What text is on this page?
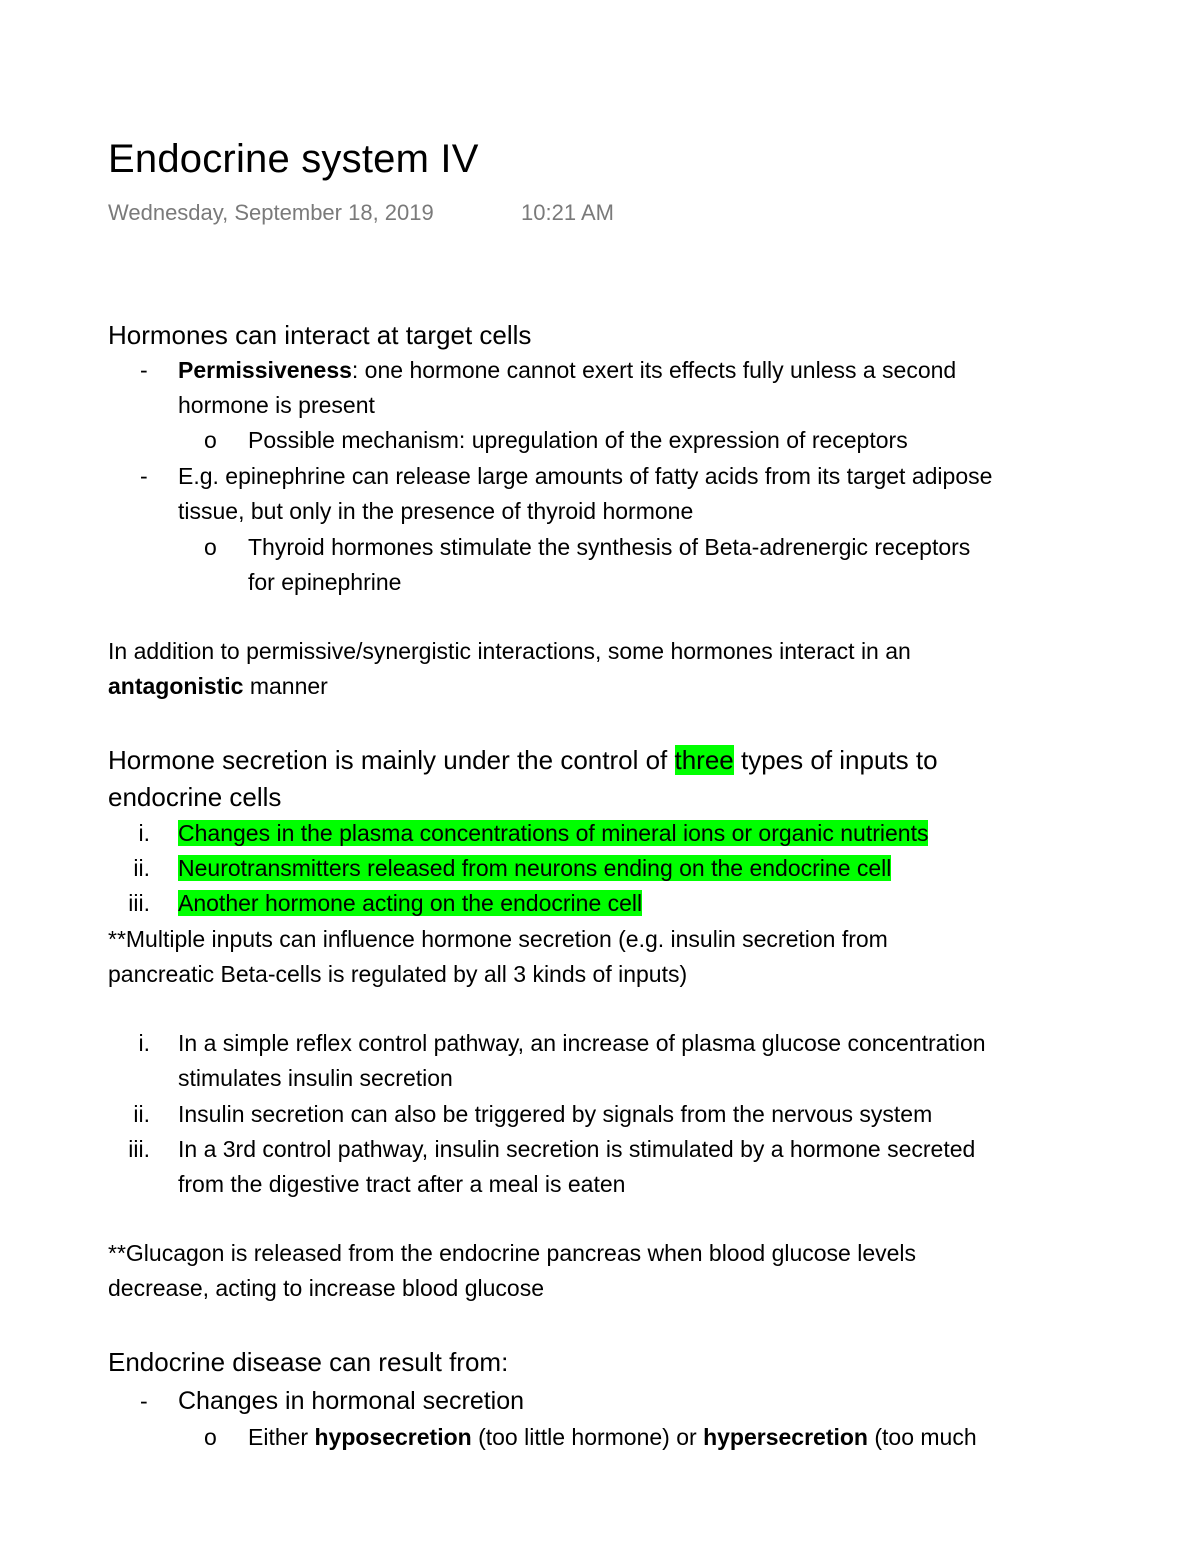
Endocrine system IV
Wednesday, September 18, 2019	10:21 AM
Hormones can interact at target cells
- Permissiveness: one hormone cannot exert its effects fully unless a second
hormone is present
o Possible mechanism: upregulation of the expression of receptors
- E.g. epinephrine can release large amounts of fatty acids from its target adipose
tissue, but only in the presence of thyroid hormone
o Thyroid hormones stimulate the synthesis of Beta-adrenergic receptors
for epinephrine
In addition to permissive/synergistic interactions, some hormones interact in an
antagonistic manner
Hormone secretion is mainly under the control of three types of inputs to
endocrine cells
i. Changes in the plasma concentrations of mineral ions or organic nutrients
ii. Neurotransmitters released from neurons ending on the endocrine cell
iii. Another hormone acting on the endocrine cell
**Multiple inputs can influence hormone secretion (e.g. insulin secretion from
pancreatic Beta-cells is regulated by all 3 kinds of inputs)
i. In a simple reflex control pathway, an increase of plasma glucose concentration
stimulates insulin secretion
ii. Insulin secretion can also be triggered by signals from the nervous system
iii. In a 3rd control pathway, insulin secretion is stimulated by a hormone secreted
from the digestive tract after a meal is eaten
**Glucagon is released from the endocrine pancreas when blood glucose levels
decrease, acting to increase blood glucose
Endocrine disease can result from:
- Changes in hormonal secretion
o Either hyposecretion (too little hormone) or hypersecretion (too much
